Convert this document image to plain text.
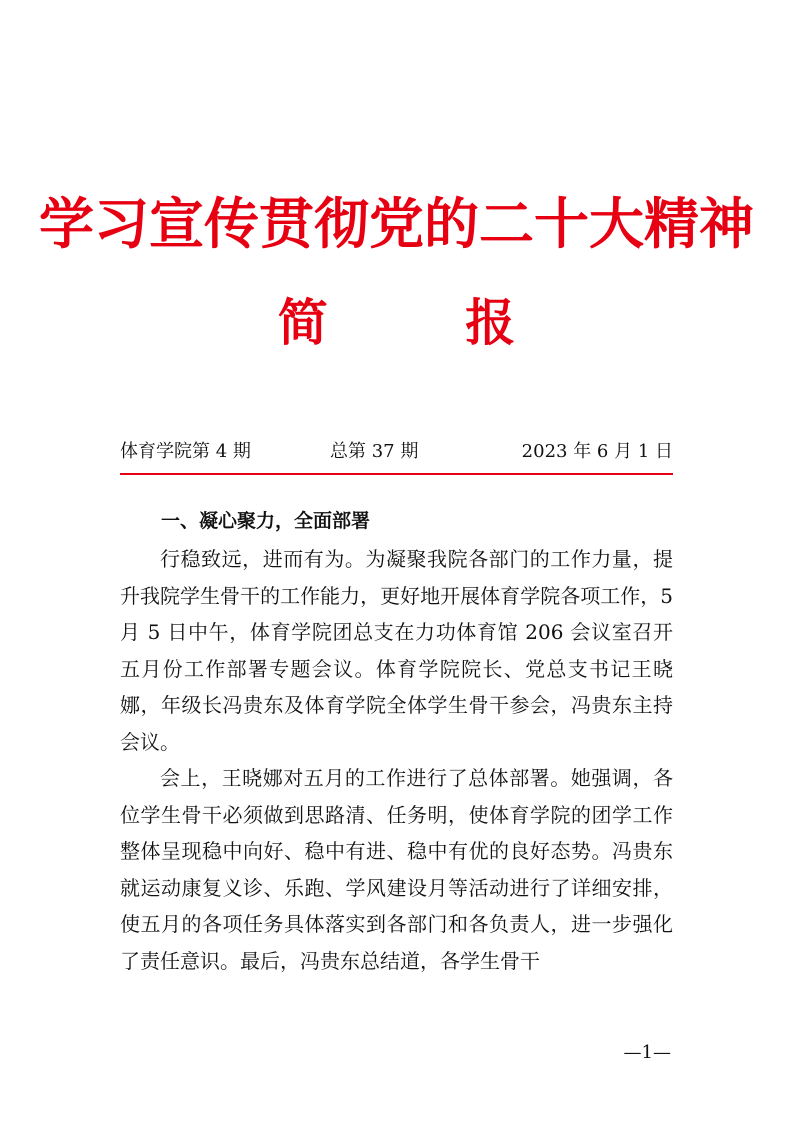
学习宣传贯彻党的二十大精神
简 报
体育学院第 4 期	总第 37 期	2023 年 6 月 1 日
一、凝心聚力，全面部署

行稳致远，进而有为。为凝聚我院各部门的工作力量，提升我院学生骨干的工作能力，更好地开展体育学院各项工作，5 月 5 日中午，体育学院团总支在力功体育馆 206 会议室召开五月份工作部署专题会议。体育学院院长、党总支书记王晓娜，年级长冯贵东及体育学院全体学生骨干参会，冯贵东主持会议。

会上，王晓娜对五月的工作进行了总体部署。她强调，各位学生骨干必须做到思路清、任务明，使体育学院的团学工作整体呈现稳中向好、稳中有进、稳中有优的良好态势。冯贵东就运动康复义诊、乐跑、学风建设月等活动进行了详细安排，使五月的各项任务具体落实到各部门和各负责人，进一步强化了责任意识。最后，冯贵东总结道，各学生骨干

—1—
